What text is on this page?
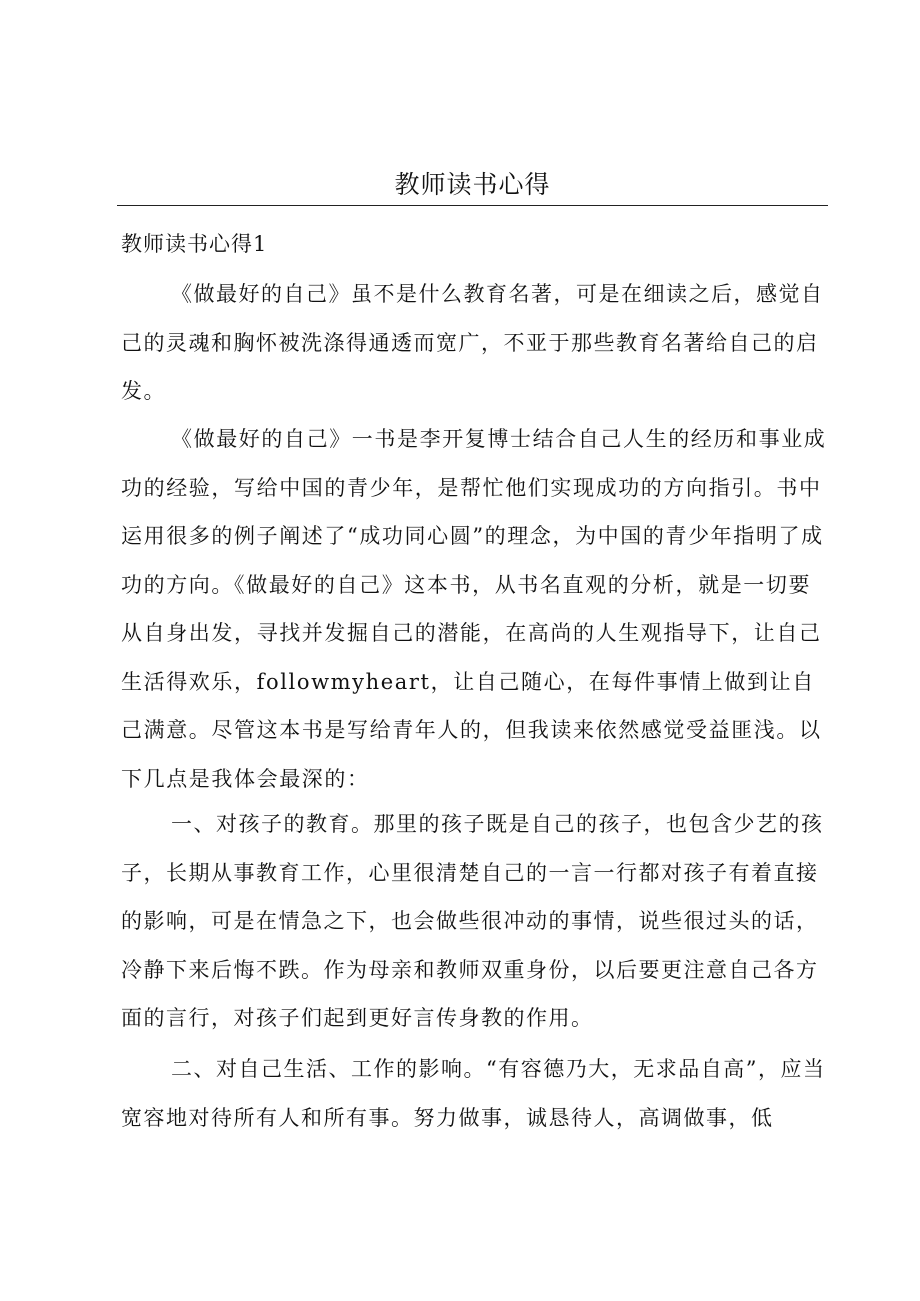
教师读书心得
教师读书心得1

《做最好的自己》虽不是什么教育名著，可是在细读之后，感觉自己的灵魂和胸怀被洗涤得通透而宽广，不亚于那些教育名著给自己的启发。

《做最好的自己》一书是李开复博士结合自己人生的经历和事业成功的经验，写给中国的青少年，是帮忙他们实现成功的方向指引。书中运用很多的例子阐述了“成功同心圆”的理念，为中国的青少年指明了成功的方向。《做最好的自己》这本书，从书名直观的分析，就是一切要从自身出发，寻找并发掘自己的潜能，在高尚的人生观指导下，让自己生活得欢乐，followmyheart，让自己随心，在每件事情上做到让自己满意。尽管这本书是写给青年人的，但我读来依然感觉受益匪浅。以下几点是我体会最深的：

一、对孩子的教育。那里的孩子既是自己的孩子，也包含少艺的孩子，长期从事教育工作，心里很清楚自己的一言一行都对孩子有着直接的影响，可是在情急之下，也会做些很冲动的事情，说些很过头的话，冷静下来后悔不跌。作为母亲和教师双重身份，以后要更注意自己各方面的言行，对孩子们起到更好言传身教的作用。

二、对自己生活、工作的影响。“有容德乃大，无求品自高”，应当宽容地对待所有人和所有事。努力做事，诚恳待人，高调做事，低
